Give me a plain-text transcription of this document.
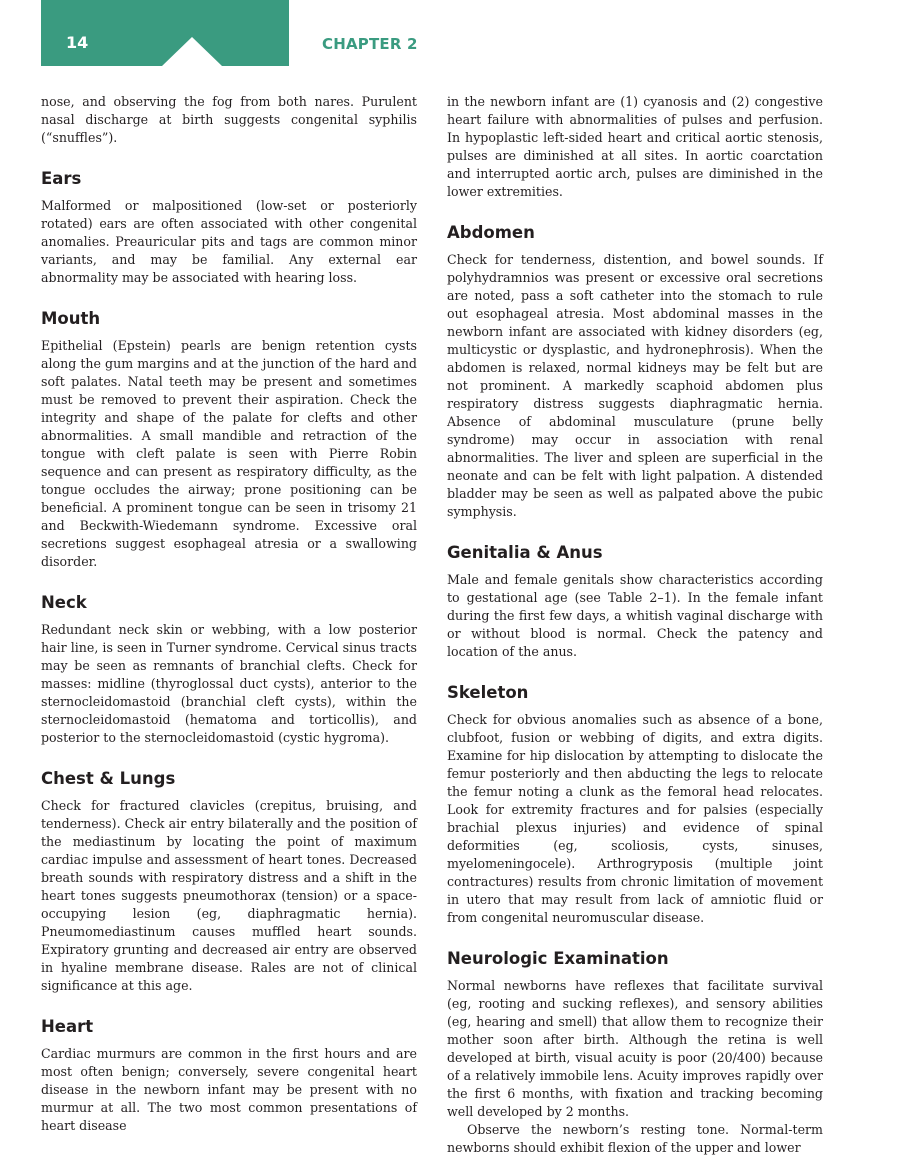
14	CHAPTER 2

nose, and observing the fog from both nares. Purulent nasal discharge at birth suggests congenital syphilis (“snuffles”).

Ears

Malformed or malpositioned (low-set or posteriorly rotated) ears are often associated with other congenital anomalies. Preauricular pits and tags are common minor variants, and may be familial. Any external ear abnormality may be associated with hearing loss.

Mouth

Epithelial (Epstein) pearls are benign retention cysts along the gum margins and at the junction of the hard and soft palates. Natal teeth may be present and sometimes must be removed to prevent their aspiration. Check the integrity and shape of the palate for clefts and other abnormalities. A small mandible and retraction of the tongue with cleft palate is seen with Pierre Robin sequence and can present as respiratory difficulty, as the tongue occludes the airway; prone positioning can be beneficial. A prominent tongue can be seen in trisomy 21 and Beckwith-Wiedemann syndrome. Excessive oral secretions suggest esophageal atresia or a swallowing disorder.

Neck

Redundant neck skin or webbing, with a low posterior hair line, is seen in Turner syndrome. Cervical sinus tracts may be seen as remnants of branchial clefts. Check for masses: midline (thyroglossal duct cysts), anterior to the sternocleidomastoid (branchial cleft cysts), within the sternocleidomastoid (hematoma and torticollis), and posterior to the sternocleidomastoid (cystic hygroma).

Chest & Lungs

Check for fractured clavicles (crepitus, bruising, and tenderness). Check air entry bilaterally and the position of the mediastinum by locating the point of maximum cardiac impulse and assessment of heart tones. Decreased breath sounds with respiratory distress and a shift in the heart tones suggests pneumothorax (tension) or a space-occupying lesion (eg, diaphragmatic hernia). Pneumomediastinum causes muffled heart sounds. Expiratory grunting and decreased air entry are observed in hyaline membrane disease. Rales are not of clinical significance at this age.

Heart

Cardiac murmurs are common in the first hours and are most often benign; conversely, severe congenital heart disease in the newborn infant may be present with no murmur at all. The two most common presentations of heart disease

in the newborn infant are (1) cyanosis and (2) congestive heart failure with abnormalities of pulses and perfusion. In hypoplastic left-sided heart and critical aortic stenosis, pulses are diminished at all sites. In aortic coarctation and interrupted aortic arch, pulses are diminished in the lower extremities.

Abdomen

Check for tenderness, distention, and bowel sounds. If polyhydramnios was present or excessive oral secretions are noted, pass a soft catheter into the stomach to rule out esophageal atresia. Most abdominal masses in the newborn infant are associated with kidney disorders (eg, multicystic or dysplastic, and hydronephrosis). When the abdomen is relaxed, normal kidneys may be felt but are not prominent. A markedly scaphoid abdomen plus respiratory distress suggests diaphragmatic hernia. Absence of abdominal musculature (prune belly syndrome) may occur in association with renal abnormalities. The liver and spleen are superficial in the neonate and can be felt with light palpation. A distended bladder may be seen as well as palpated above the pubic symphysis.

Genitalia & Anus

Male and female genitals show characteristics according to gestational age (see Table 2–1). In the female infant during the first few days, a whitish vaginal discharge with or without blood is normal. Check the patency and location of the anus.

Skeleton

Check for obvious anomalies such as absence of a bone, clubfoot, fusion or webbing of digits, and extra digits. Examine for hip dislocation by attempting to dislocate the femur posteriorly and then abducting the legs to relocate the femur noting a clunk as the femoral head relocates. Look for extremity fractures and for palsies (especially brachial plexus injuries) and evidence of spinal deformities (eg, scoliosis, cysts, sinuses, myelomeningocele). Arthrogryposis (multiple joint contractures) results from chronic limitation of movement in utero that may result from lack of amniotic fluid or from congenital neuromuscular disease.

Neurologic Examination

Normal newborns have reflexes that facilitate survival (eg, rooting and sucking reflexes), and sensory abilities (eg, hearing and smell) that allow them to recognize their mother soon after birth. Although the retina is well developed at birth, visual acuity is poor (20/400) because of a relatively immobile lens. Acuity improves rapidly over the first 6 months, with fixation and tracking becoming well developed by 2 months.

Observe the newborn’s resting tone. Normal-term newborns should exhibit flexion of the upper and lower
